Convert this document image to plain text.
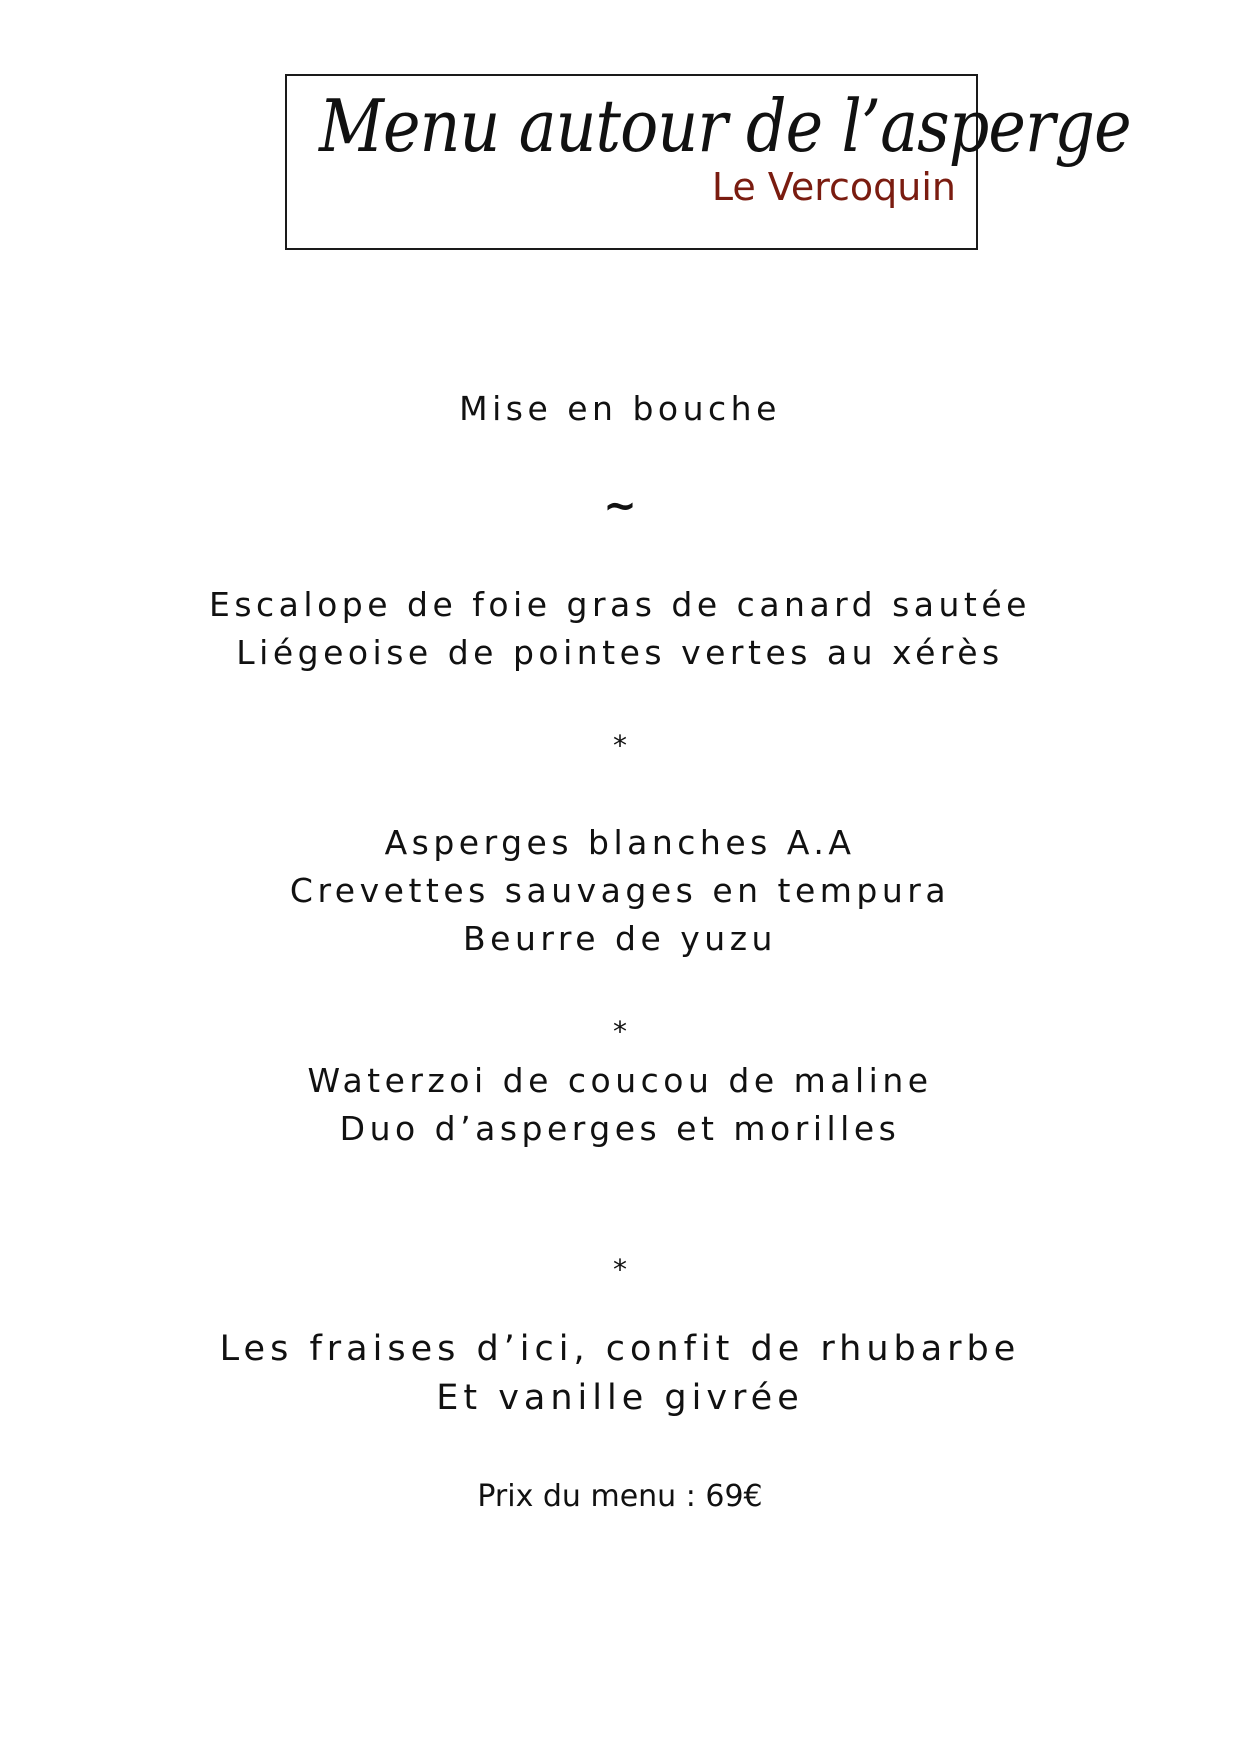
Menu autour de l’asperge
Le Vercoquin
Mise en bouche
~
Escalope de foie gras de canard sautée
Liégeoise de pointes vertes au xérès
*
Asperges blanches A.A
Crevettes sauvages en tempura
Beurre de yuzu
*
Waterzoi de coucou de maline
Duo d’asperges et morilles
*
Les fraises d’ici, confit de rhubarbe
Et vanille givrée
Prix du menu : 69€
